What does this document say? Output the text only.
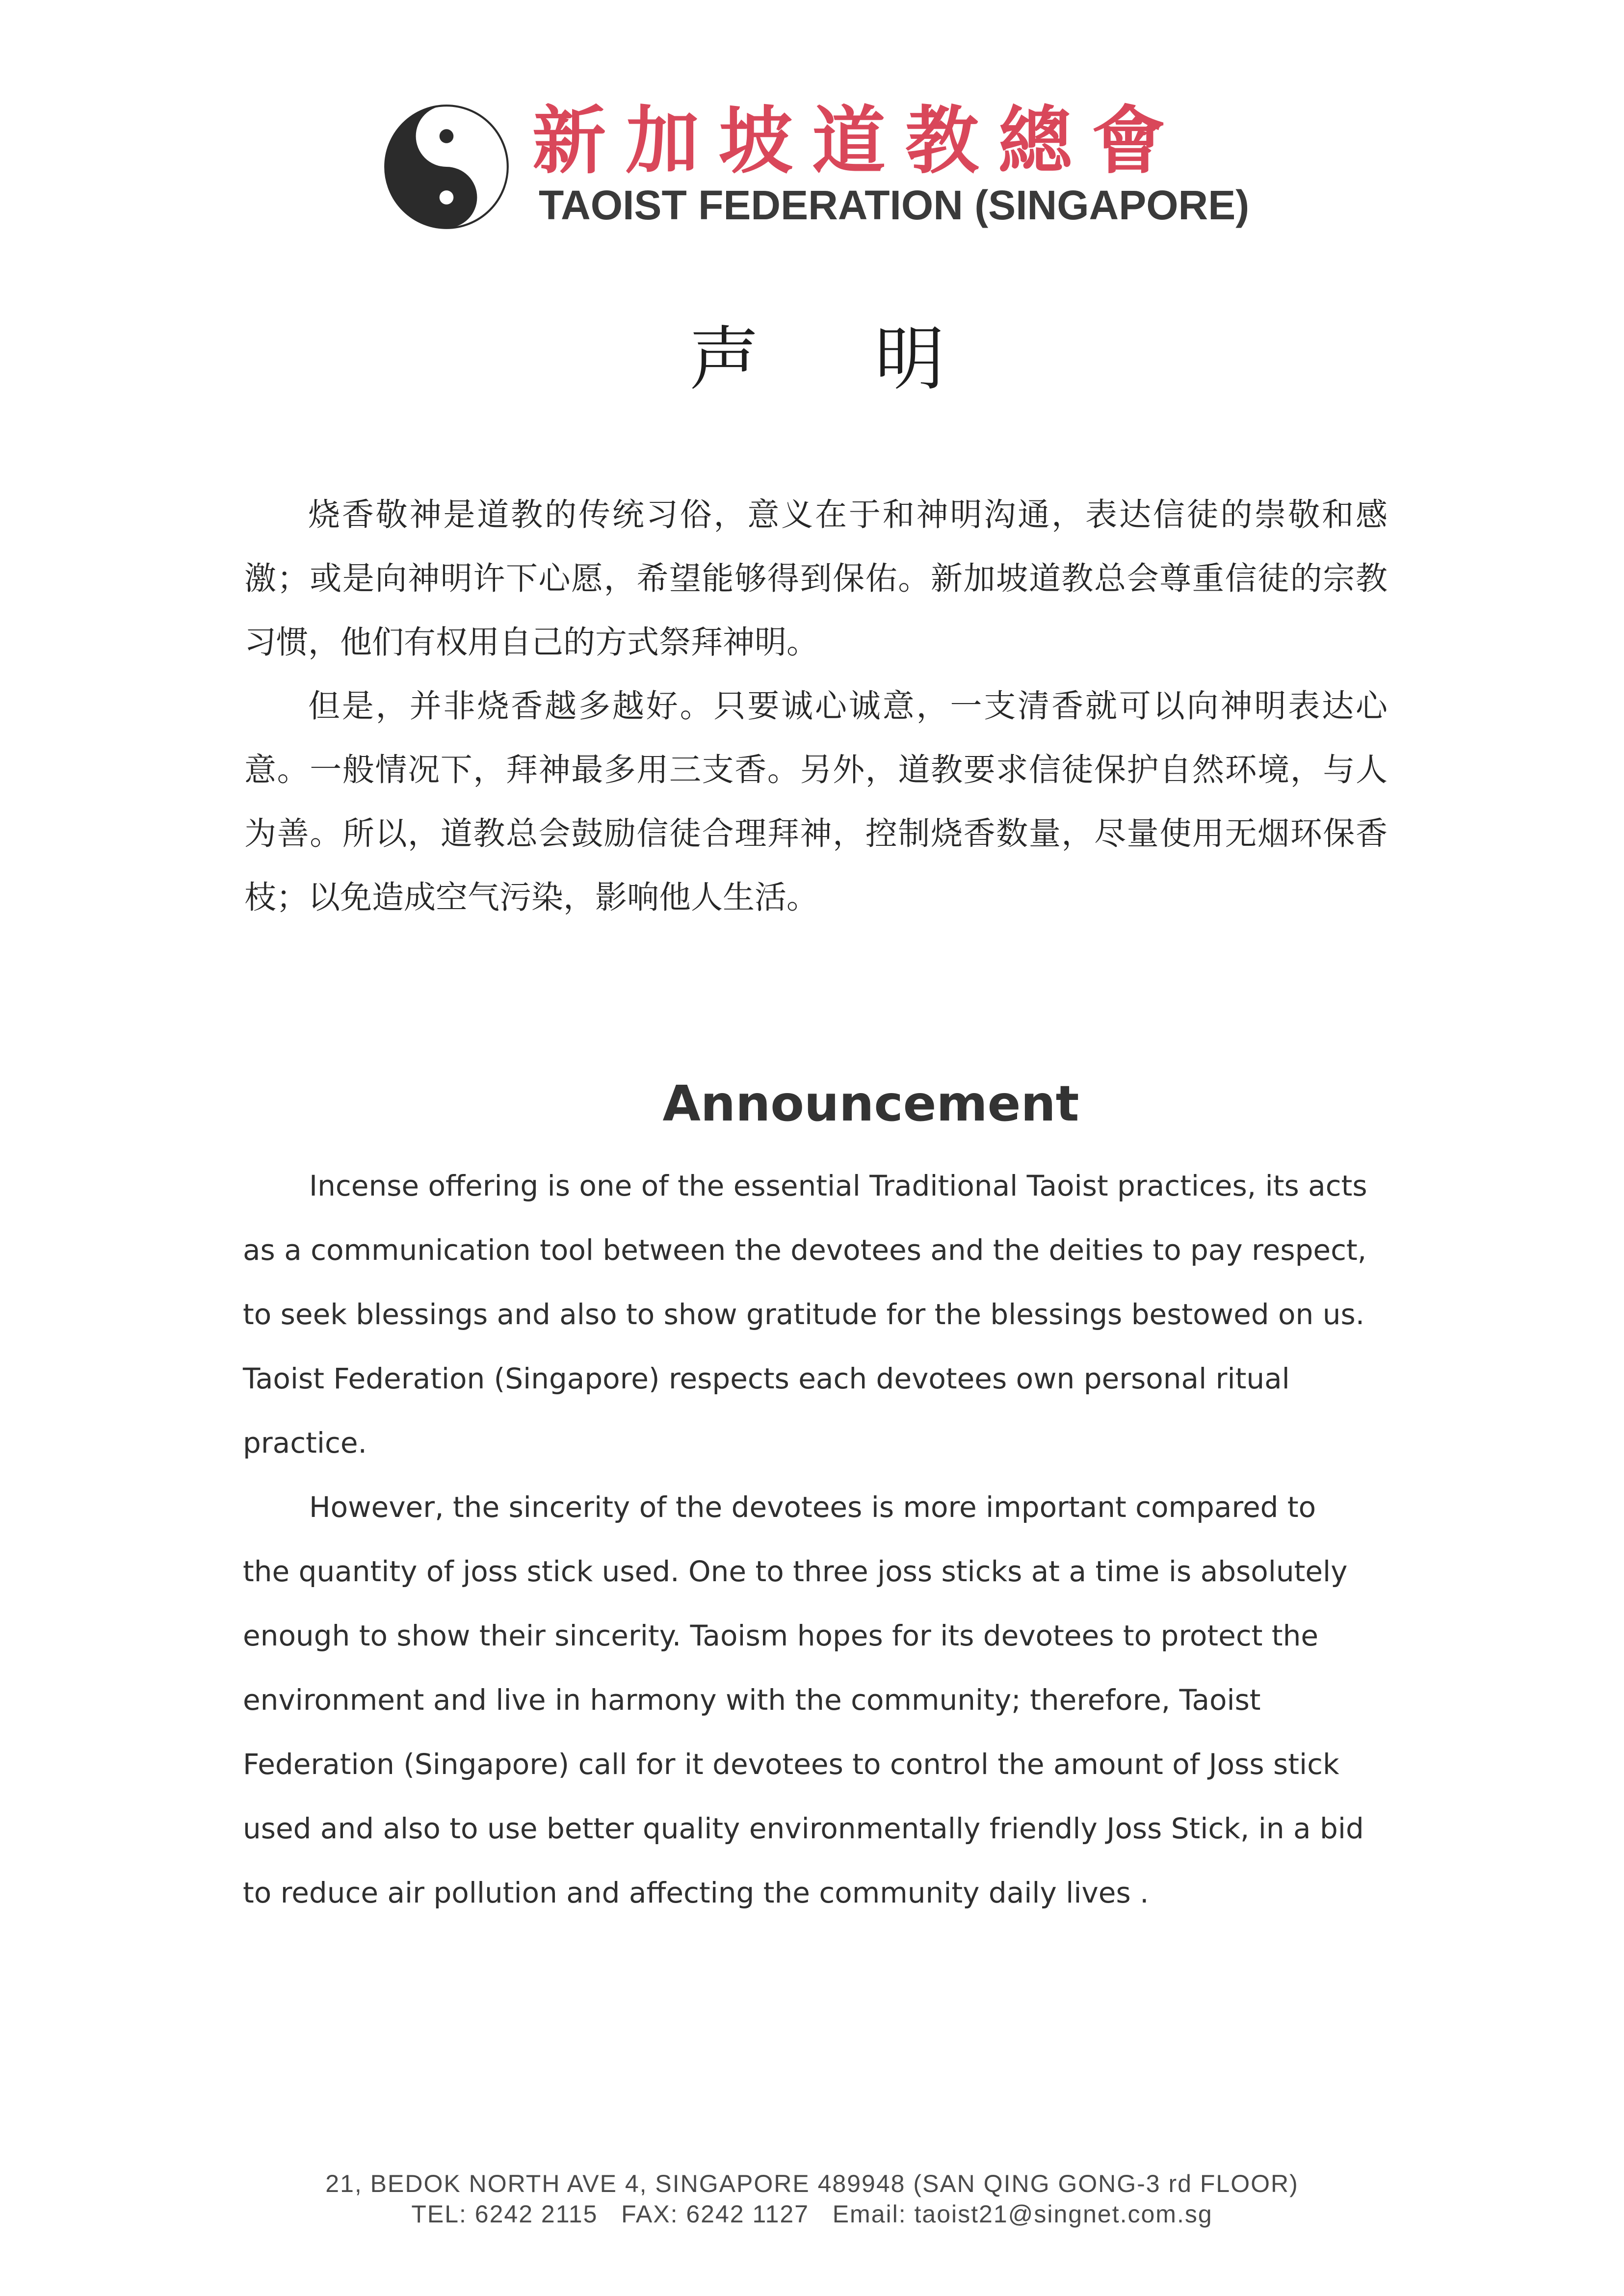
新加坡道教總會
TAOIST FEDERATION (SINGAPORE)
声 明

烧香敬神是道教的传统习俗，意义在于和神明沟通，表达信徒的崇敬和感激；或是向神明许下心愿，希望能够得到保佑。新加坡道教总会尊重信徒的宗教习惯，他们有权用自己的方式祭拜神明。

但是，并非烧香越多越好。只要诚心诚意，一支清香就可以向神明表达心意。一般情况下，拜神最多用三支香。另外，道教要求信徒保护自然环境，与人为善。所以，道教总会鼓励信徒合理拜神，控制烧香数量，尽量使用无烟环保香枝；以免造成空气污染，影响他人生活。

Announcement

Incense offering is one of the essential Traditional Taoist practices, its acts as a communication tool between the devotees and the deities to pay respect, to seek blessings and also to show gratitude for the blessings bestowed on us. Taoist Federation (Singapore) respects each devotees own personal ritual practice.

However, the sincerity of the devotees is more important compared to the quantity of joss stick used. One to three joss sticks at a time is absolutely enough to show their sincerity. Taoism hopes for its devotees to protect the environment and live in harmony with the community; therefore, Taoist Federation (Singapore) call for it devotees to control the amount of Joss stick used and also to use better quality environmentally friendly Joss Stick, in a bid to reduce air pollution and affecting the community daily lives .

21, BEDOK NORTH AVE 4, SINGAPORE 489948 (SAN QING GONG-3 rd FLOOR)
TEL: 6242 2115   FAX: 6242 1127   Email: taoist21@singnet.com.sg
